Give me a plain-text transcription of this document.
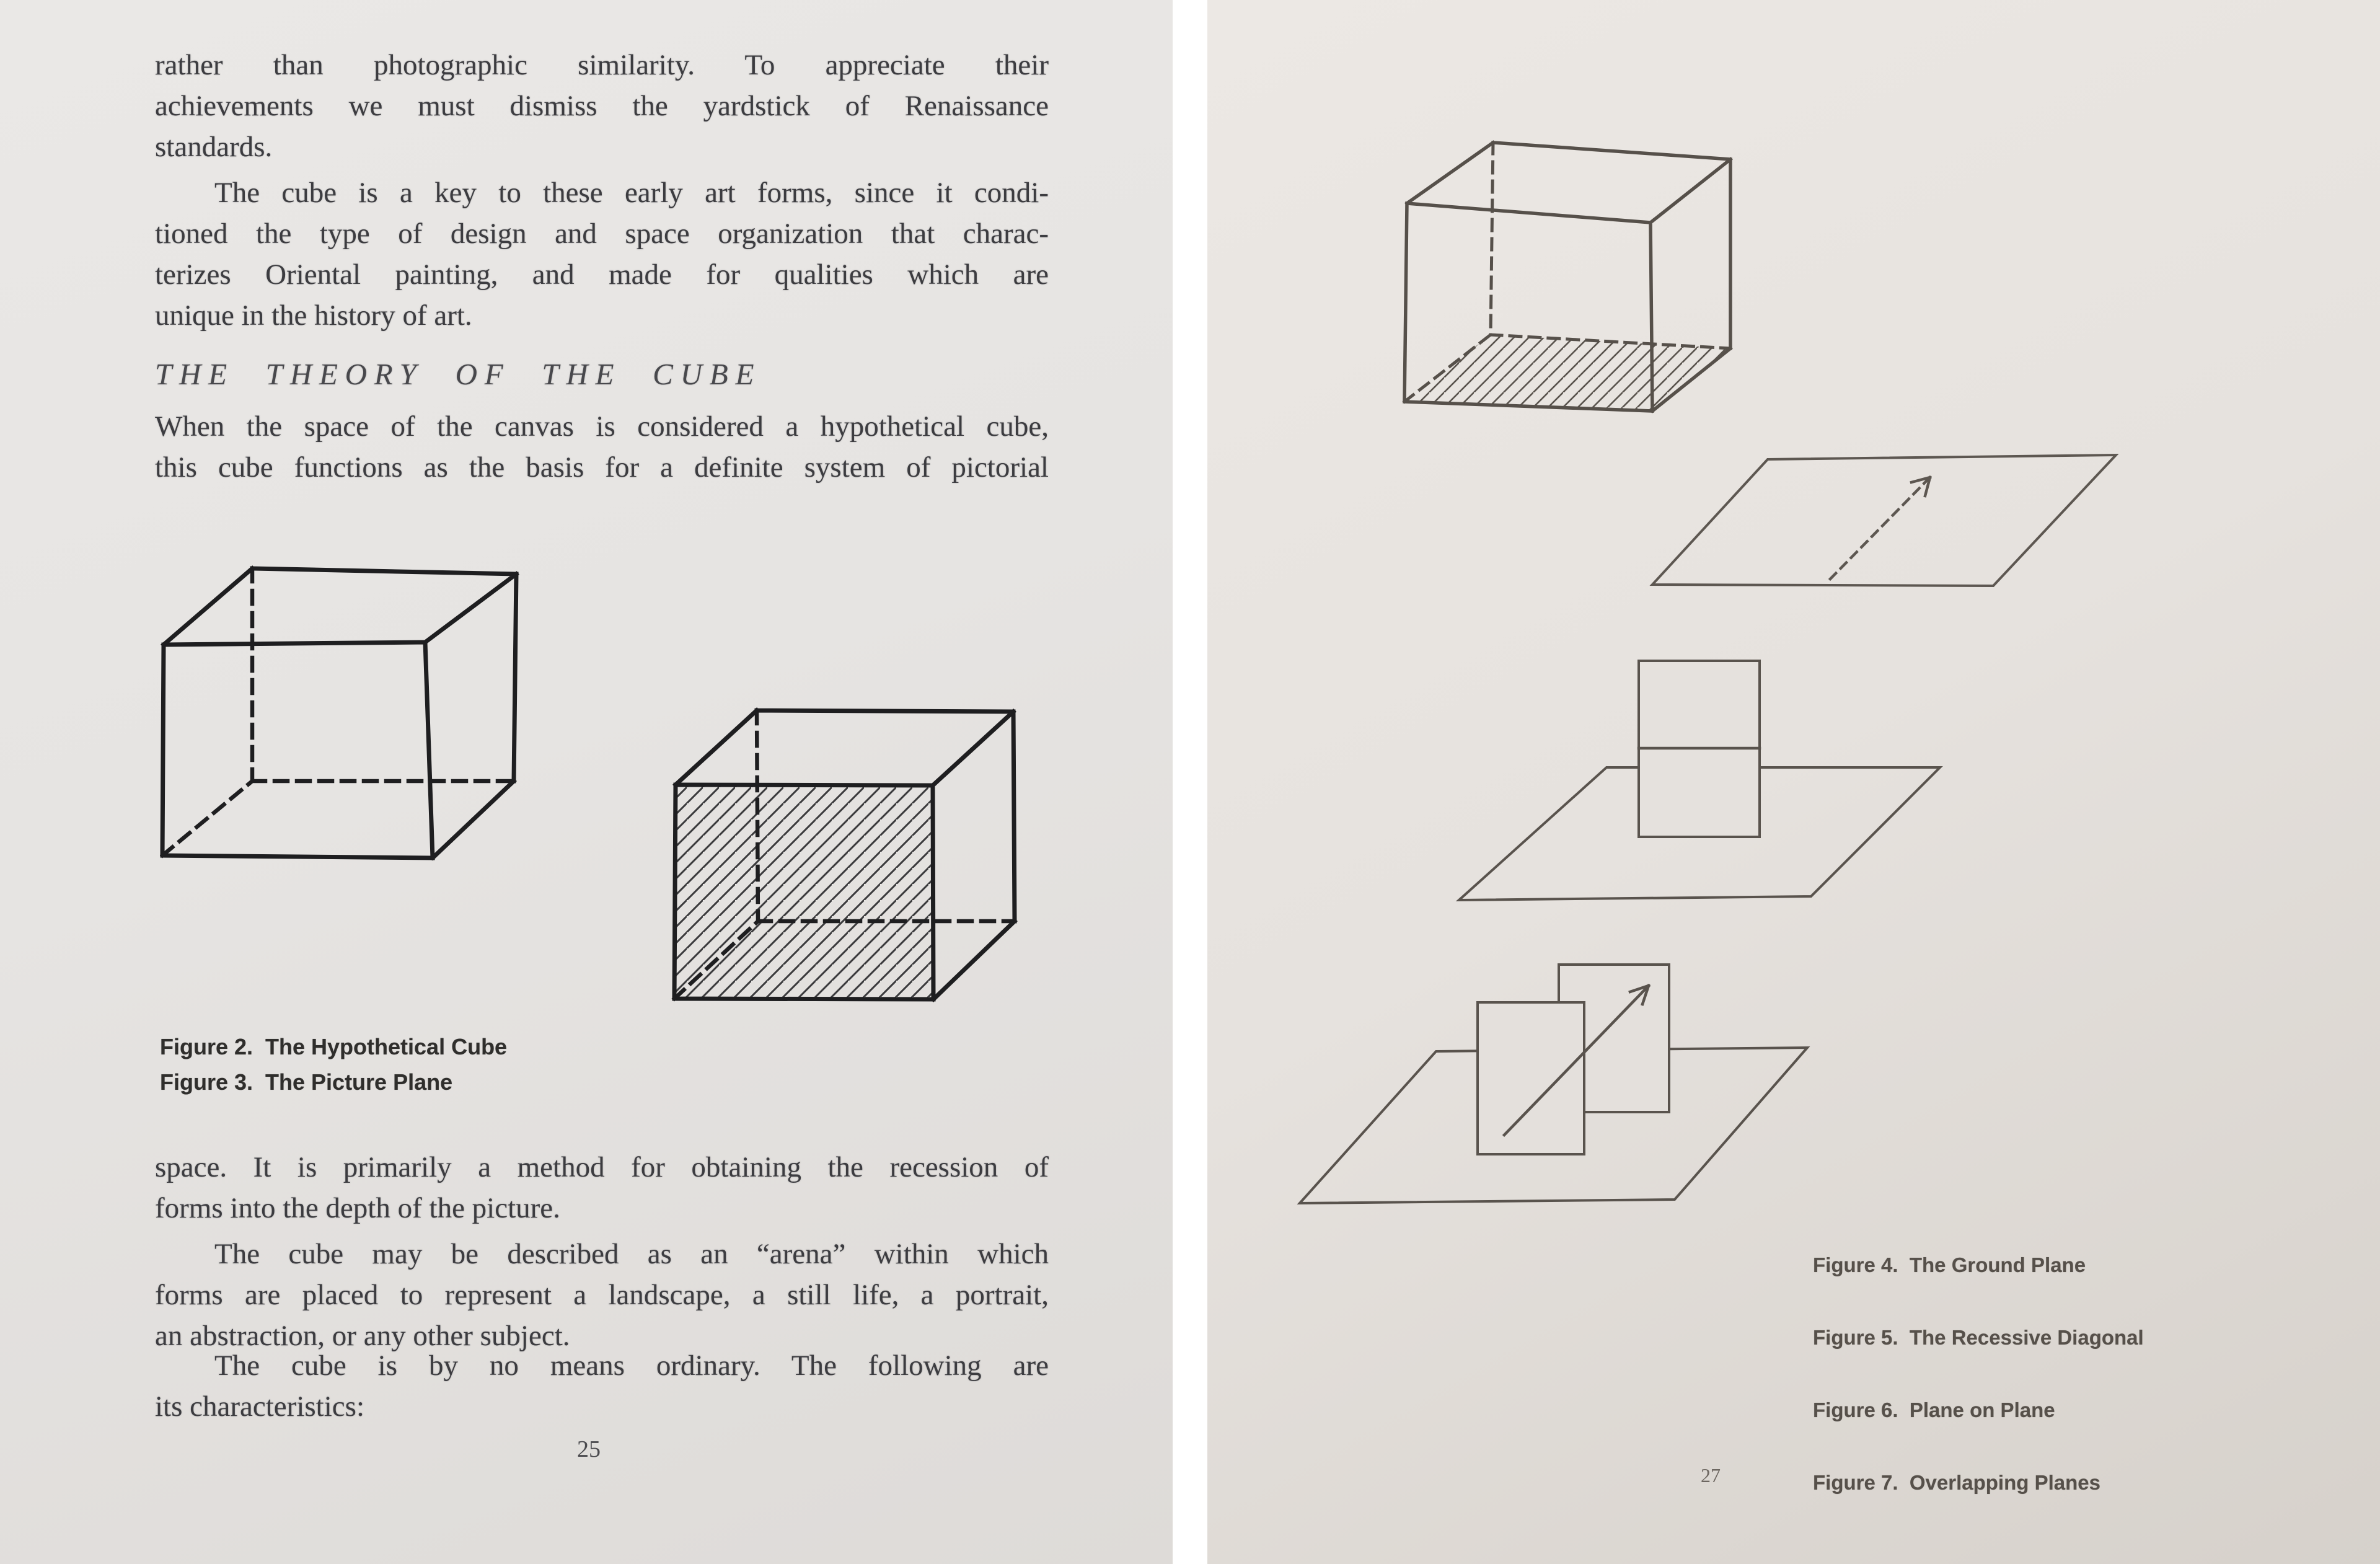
rather than photographic similarity. To appreciate their
achievements we must dismiss the yardstick of Renaissance
standards.
The cube is a key to these early art forms, since it condi-
tioned the type of design and space organization that charac-
terizes Oriental painting, and made for qualities which are
unique in the history of art.
THE THEORY OF THE CUBE
When the space of the canvas is considered a hypothetical cube,
this cube functions as the basis for a definite system of pictorial
Figure 2.  The Hypothetical Cube
Figure 3.  The Picture Plane
space. It is primarily a method for obtaining the recession of
forms into the depth of the picture.
The cube may be described as an “arena” within which
forms are placed to represent a landscape, a still life, a portrait,
an abstraction, or any other subject.
The cube is by no means ordinary. The following are
its characteristics:
25
Figure 4.  The Ground Plane
Figure 5.  The Recessive Diagonal
Figure 6.  Plane on Plane
Figure 7.  Overlapping Planes
27
